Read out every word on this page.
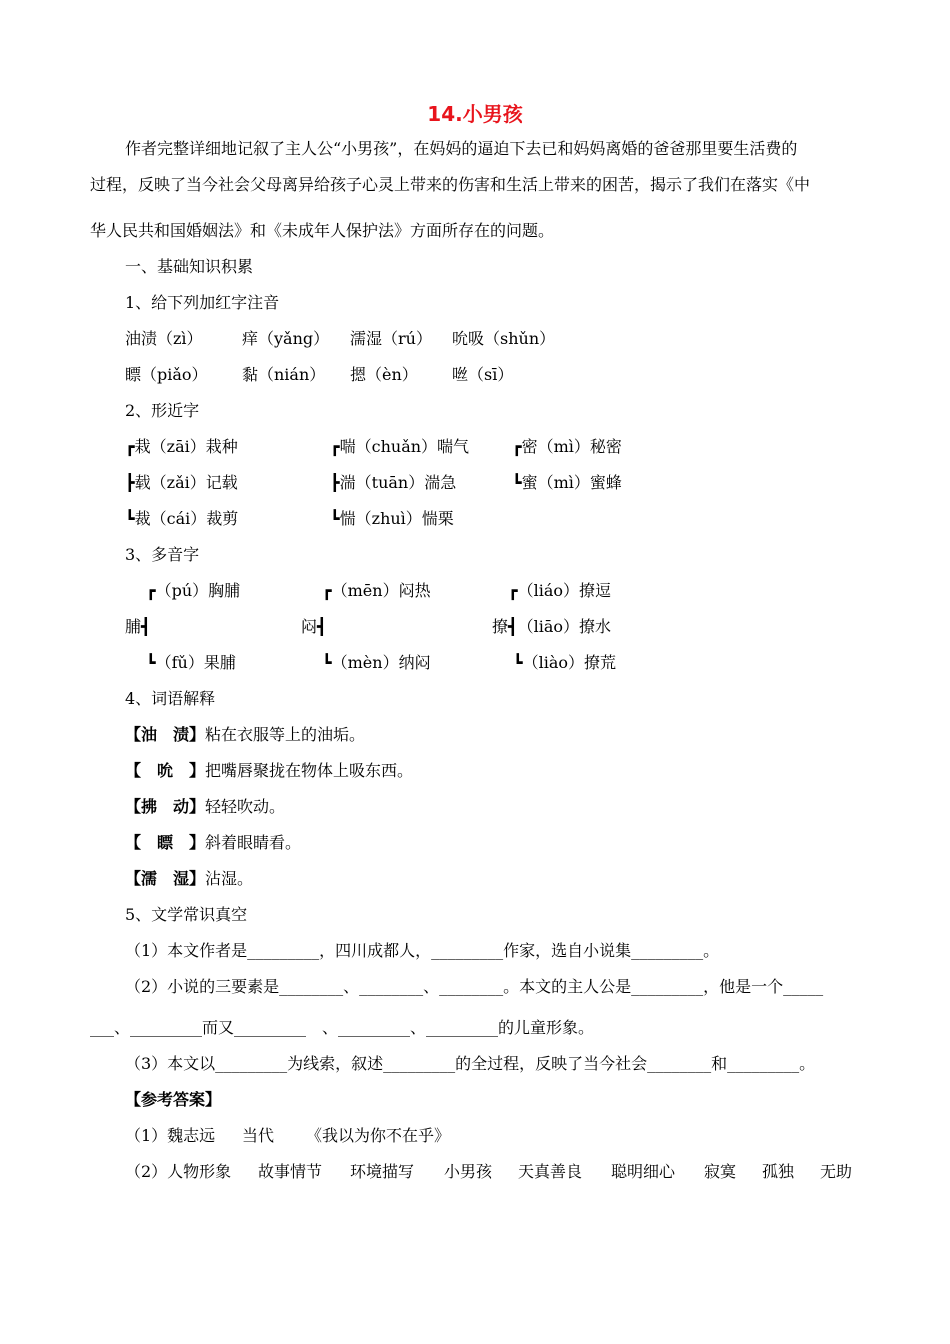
14.小男孩
作者完整详细地记叙了主人公“小男孩”，在妈妈的逼迫下去已和妈妈离婚的爸爸那里要生活费的
过程，反映了当今社会父母离异给孩子心灵上带来的伤害和生活上带来的困苦，揭示了我们在落实《中
华人民共和国婚姻法》和《未成年人保护法》方面所存在的问题。
一、基础知识积累
1、给下列加红字注音
油渍（zì） 痒（yǎng） 濡湿（rú） 吮吸（shǔn）
瞟（piǎo） 黏（nián） 摁（èn） 咝（sī）
2、形近字
┏栽（zāi）栽种	┏喘（chuǎn）喘气	┏密（mì）秘密
┣载（zǎi）记载	┣湍（tuān）湍急	┗蜜（mì）蜜蜂
┗裁（cái）裁剪	┗惴（zhuì）惴栗
3、多音字
┏（pú）胸脯	┏（mēn）闷热	┏（liáo）撩逗
脯┫	闷┫	撩┫（liāo）撩水
┗（fǔ）果脯	┗（mèn）纳闷	┗（liào）撩荒
4、词语解释
【油　渍】粘在衣服等上的油垢。
【　吮　】把嘴唇聚拢在物体上吸东西。
【拂　动】轻轻吹动。
【　瞟　】斜着眼睛看。
【濡　湿】沾湿。
5、文学常识真空
（1）本文作者是_________，四川成都人，_________作家，选自小说集_________。
（2）小说的三要素是________、________、________。本文的主人公是_________，他是一个_____
___、_________而又_________　、_________、_________的儿童形象。
（3）本文以_________为线索，叙述_________的全过程，反映了当今社会________和_________。
【参考答案】
（1）魏志远 当代 《我以为你不在乎》
（2）人物形象 故事情节 环境描写 小男孩 天真善良 聪明细心 寂寞 孤独 无助
